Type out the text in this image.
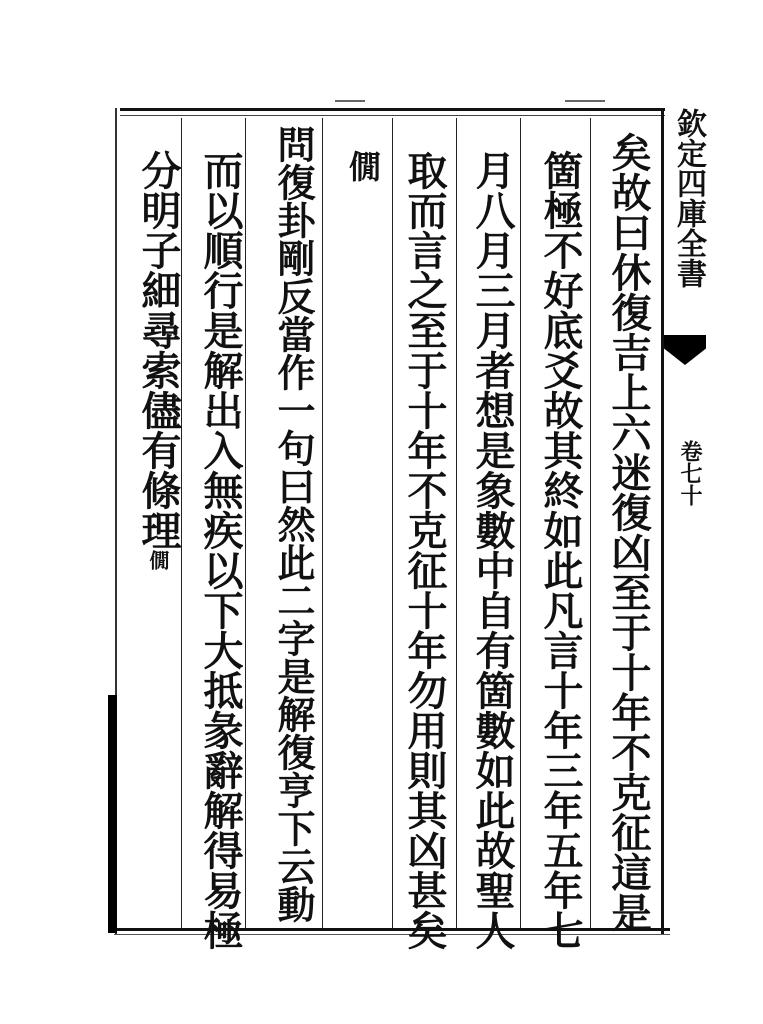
欽定四庫全書
卷七十
矣故曰休復吉上六迷復凶至于十年不克征這是
箇極不好底爻故其終如此凡言十年三年五年七
月八月三月者想是象數中自有箇數如此故聖人
取而言之至于十年不克征十年勿用則其凶甚矣
僩
問復卦剛反當作一句曰然此二字是解復亨下云動
而以順行是解出入無疾以下大抵彖辭解得易極
分明子細尋索儘有條理僩
